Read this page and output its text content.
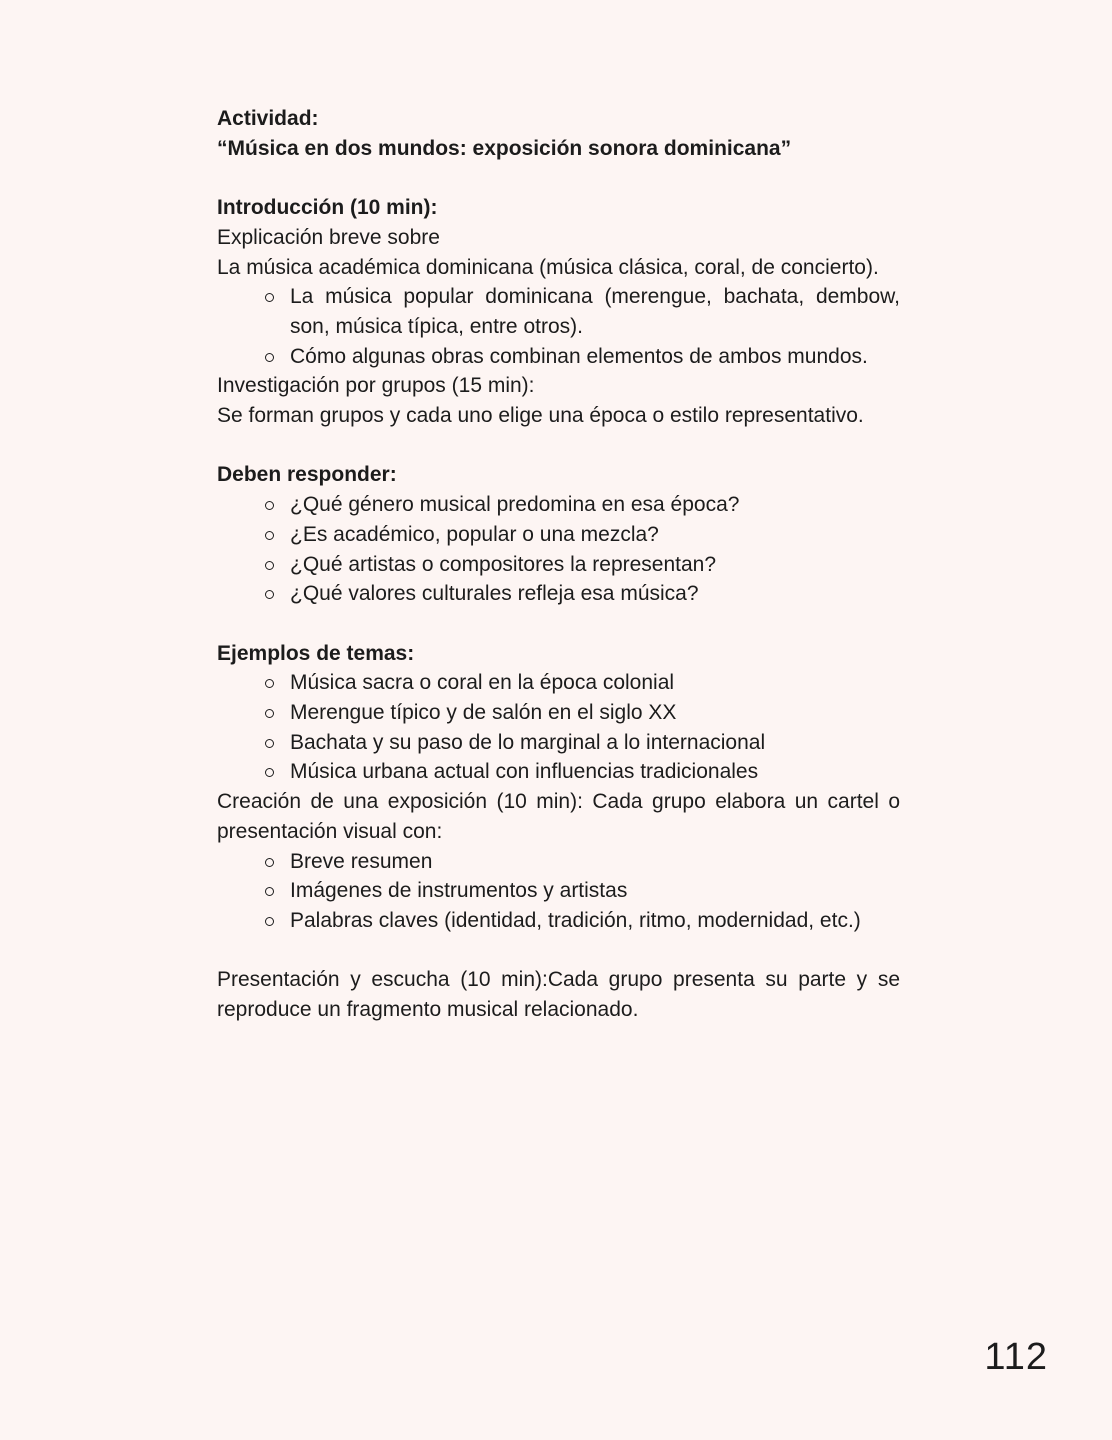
Actividad:

“Música en dos mundos: exposición sonora dominicana”

Introducción (10 min):

Explicación breve sobre

La música académica dominicana (música clásica, coral, de concierto).

La música popular dominicana (merengue, bachata, dembow, son, música típica, entre otros).
Cómo algunas obras combinan elementos de ambos mundos.

Investigación por grupos (15 min):

Se forman grupos y cada uno elige una época o estilo representativo.

Deben responder:

¿Qué género musical predomina en esa época?
¿Es académico, popular o una mezcla?
¿Qué artistas o compositores la representan?
¿Qué valores culturales refleja esa música?

Ejemplos de temas:

Música sacra o coral en la época colonial
Merengue típico y de salón en el siglo XX
Bachata y su paso de lo marginal a lo internacional
Música urbana actual con influencias tradicionales

Creación de una exposición (10 min): Cada grupo elabora un cartel o presentación visual con:

Breve resumen
Imágenes de instrumentos y artistas
Palabras claves (identidad, tradición, ritmo, modernidad, etc.)

Presentación y escucha (10 min):Cada grupo presenta su parte y se reproduce un fragmento musical relacionado.

112
